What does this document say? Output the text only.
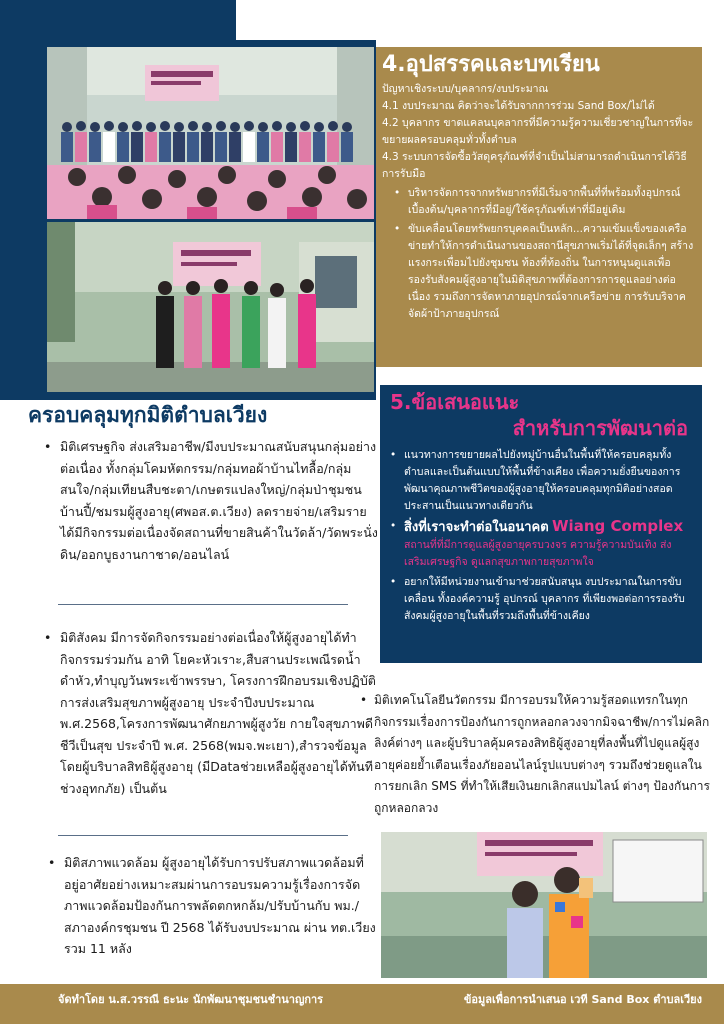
4.อุปสรรคและบทเรียน

ปัญหาเชิงระบบ/บุคลากร/งบประมาณ

4.1 งบประมาณ คิดว่าจะได้รับจากการร่วม Sand Box/ไม่ได้

4.2 บุคลากร ขาดแคลนบุคลากรที่มีความรู้ความเชี่ยวชาญในการที่จะขยายผลครอบคลุมทั่วทั้งตำบล

4.3 ระบบการจัดซื้อวัสดุครุภัณฑ์ที่จำเป็นไม่สามารถดำเนินการได้วิธีการรับมือ

• บริหารจัดการจากทรัพยากรที่มีเริ่มจากพื้นที่ที่พร้อมทั้งอุปกรณ์เบื้องต้น/บุคลากรที่มีอยู่/ใช้ครุภัณฑ์เท่าที่มีอยู่เดิม
• ขับเคลื่อนโดยทรัพยกรบุคคลเป็นหลัก...ความเข้มแข็งของเครือข่ายทำให้การดำเนินงานของสถานีสุขภาพเริ่มได้ที่จุดเล็กๆ สร้างแรงกระเพื่อมไปยังชุมชน ท้องที่ท้องถิ่น ในการหนุนดูแลเพื่อรองรับสังคมผู้สูงอายุในมิติสุขภาพที่ต้องการการดูแลอย่างต่อเนื่อง รวมถึงการจัดหาภายอุปกรณ์จากเครือข่าย การรับบริจาค จัดผ้าป้าภายอุปกรณ์
5.ข้อเสนอแนะ
สำหรับการพัฒนาต่อ
• แนวทางการขยายผลไปยังหมู่บ้านอื่นในพื้นที่ให้ครอบคลุมทั้งตำบลและเป็นต้นแบบให้พื้นที่ข้างเคียง เพื่อความยั่งยืนของการพัฒนาคุณภาพชีวิตของผู้สูงอายุให้ครอบคลุมทุกมิติอย่างสอดประสานเป็นแนวทางเดียวกัน
• สิ่งที่เราจะทำต่อในอนาคต Wiang Complex
สถานที่ที่มีการดูแลผู้สูงอายุครบวงจร ความรู้ความบันเทิง ส่งเสริมเศรษฐกิจ ดูแลกสุขภาพกายสุขภาพใจ
• อยากให้มีหน่วยงานเข้ามาช่วยสนับสนุน งบประมาณในการขับเคลื่อน ทั้งองค์ความรู้ อุปกรณ์ บุคลากร ที่เพียงพอต่อการรองรับสังคมผู้สูงอายุในพื้นที่รวมถึงพื้นที่ข้างเคียง
ครอบคลุมทุกมิติตำบลเวียง
• มิติเศรษฐกิจ ส่งเสริมอาชีพ/มีงบประมาณสนับสนุนกลุ่มอย่างต่อเนื่อง ทั้งกลุ่มโคมหัตกรรม/กลุ่มทอผ้าบ้านไทลื้อ/กลุ่มสนใจ/กลุ่มเทียนสืบชะตา/เกษตรแปลงใหญ่/กลุ่มป่าชุมชนบ้านปี้/ชมรมผู้สูงอายุ(ศพอส.ต.เวียง) ลดรายจ่าย/เสริมรายได้มีกิจกรรมต่อเนื่องจัดสถานที่ขายสินค้าในวัดล้า/วัดพระนั่งดิน/ออกบูธงานกาชาด/ออนไลน์
• มิติสังคม มีการจัดกิจกรรมอย่างต่อเนื่องให้ผู้สูงอายุได้ทำกิจกรรมร่วมกัน อาทิ โยคะหัวเราะ,สืบสานประเพณีรดน้ำดำหัว,ทำบุญวันพระเข้าพรรษา, โครงการฝึกอบรมเชิงปฏิบัติการส่งเสริมสุขภาพผู้สูงอายุ ประจำปีงบประมาณ พ.ศ.2568,โครงการพัฒนาศักยภาพผู้สูงวัย กายใจสุขภาพดี ชีวีเป็นสุข ประจำปี พ.ศ. 2568(พมจ.พะเยา),สำรวจข้อมูลโดยผู้บริบาลสิทธิผู้สูงอายุ (มีDataช่วยเหลือผู้สูงอายุได้ทันทีช่วงอุทกภัย) เป็นต้น
• มิติสภาพแวดล้อม ผู้สูงอายุได้รับการปรับสภาพแวดล้อมที่อยู่อาศัยอย่างเหมาะสมผ่านการอบรมความรู้เรื่องการจัดภาพแวดล้อมป้องกันการพลัดตกหกล้ม/ปรับบ้านกับ พม./สภาองค์กรชุมชน ปี 2568 ได้รับงบประมาณ ผ่าน ทต.เวียง รวม 11 หลัง
• มิติเทคโนโลยีนวัตกรรม มีการอบรมให้ความรู้สอดแทรกในทุกกิจกรรมเรื่องการป้องกันการถูกหลอกลวงจากมิจฉาชีพ/การไม่คลิกลิงค์ต่างๆ และผู้บริบาลคุ้มครองสิทธิผู้สูงอายุที่ลงพื้นที่ไปดูแลผู้สูงอายุค่อยย้ำเตือนเรื่องภัยออนไลน์รูปแบบต่างๆ รวมถึงช่วยดูแลในการยกเลิก SMS ที่ทำให้เสียเงินยกเลิกสแปมไลน์ ต่างๆ ป้องกันการถูกหลอกลวง
จัดทำโดย น.ส.วรรณี ธะนะ นักพัฒนาชุมชนชำนาญการ	ข้อมูลเพื่อการนำเสนอ เวที Sand Box ตำบลเวียง
